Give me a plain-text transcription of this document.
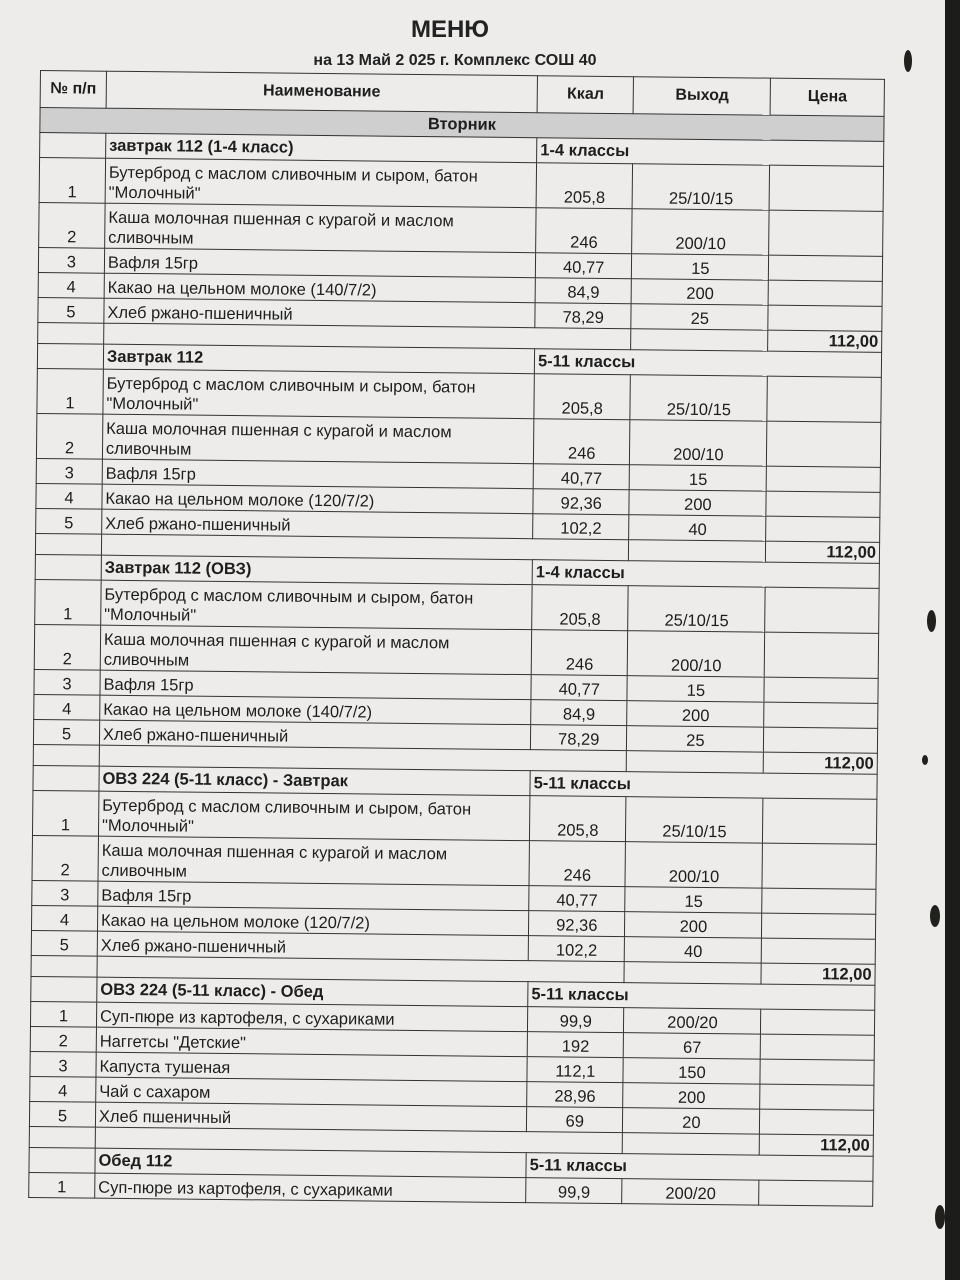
МЕНЮ
на 13 Май 2 025 г. Комплекс СОШ 40
№ п/п	Наименование	Ккал	Выход	Цена
Вторник				
	завтрак 112 (1-4 класс)	1-4 классы		
1	Бутерброд с маслом сливочным и сыром, батон "Молочный"	205,8	25/10/15	
2	Каша молочная пшенная с курагой и маслом сливочным	246	200/10	
3	Вафля 15гр	40,77	15	
4	Какао на цельном молоке (140/7/2)	84,9	200	
5	Хлеб ржано-пшеничный	78,29	25	
				112,00
	Завтрак 112	5-11 классы		
1	Бутерброд с маслом сливочным и сыром, батон "Молочный"	205,8	25/10/15	
2	Каша молочная пшенная с курагой и маслом сливочным	246	200/10	
3	Вафля 15гр	40,77	15	
4	Какао на цельном молоке (120/7/2)	92,36	200	
5	Хлеб ржано-пшеничный	102,2	40	
				112,00
	Завтрак 112 (ОВЗ)	1-4 классы		
1	Бутерброд с маслом сливочным и сыром, батон "Молочный"	205,8	25/10/15	
2	Каша молочная пшенная с курагой и маслом сливочным	246	200/10	
3	Вафля 15гр	40,77	15	
4	Какао на цельном молоке (140/7/2)	84,9	200	
5	Хлеб ржано-пшеничный	78,29	25	
				112,00
	ОВЗ 224 (5-11 класс) - Завтрак	5-11 классы		
1	Бутерброд с маслом сливочным и сыром, батон "Молочный"	205,8	25/10/15	
2	Каша молочная пшенная с курагой и маслом сливочным	246	200/10	
3	Вафля 15гр	40,77	15	
4	Какао на цельном молоке (120/7/2)	92,36	200	
5	Хлеб ржано-пшеничный	102,2	40	
				112,00
	ОВЗ 224 (5-11 класс) - Обед	5-11 классы		
1	Суп-пюре из картофеля, с сухариками	99,9	200/20	
2	Наггетсы "Детские"	192	67	
3	Капуста тушеная	112,1	150	
4	Чай с сахаром	28,96	200	
5	Хлеб пшеничный	69	20	
				112,00
	Обед 112	5-11 классы		
1	Суп-пюре из картофеля, с сухариками	99,9	200/20	
